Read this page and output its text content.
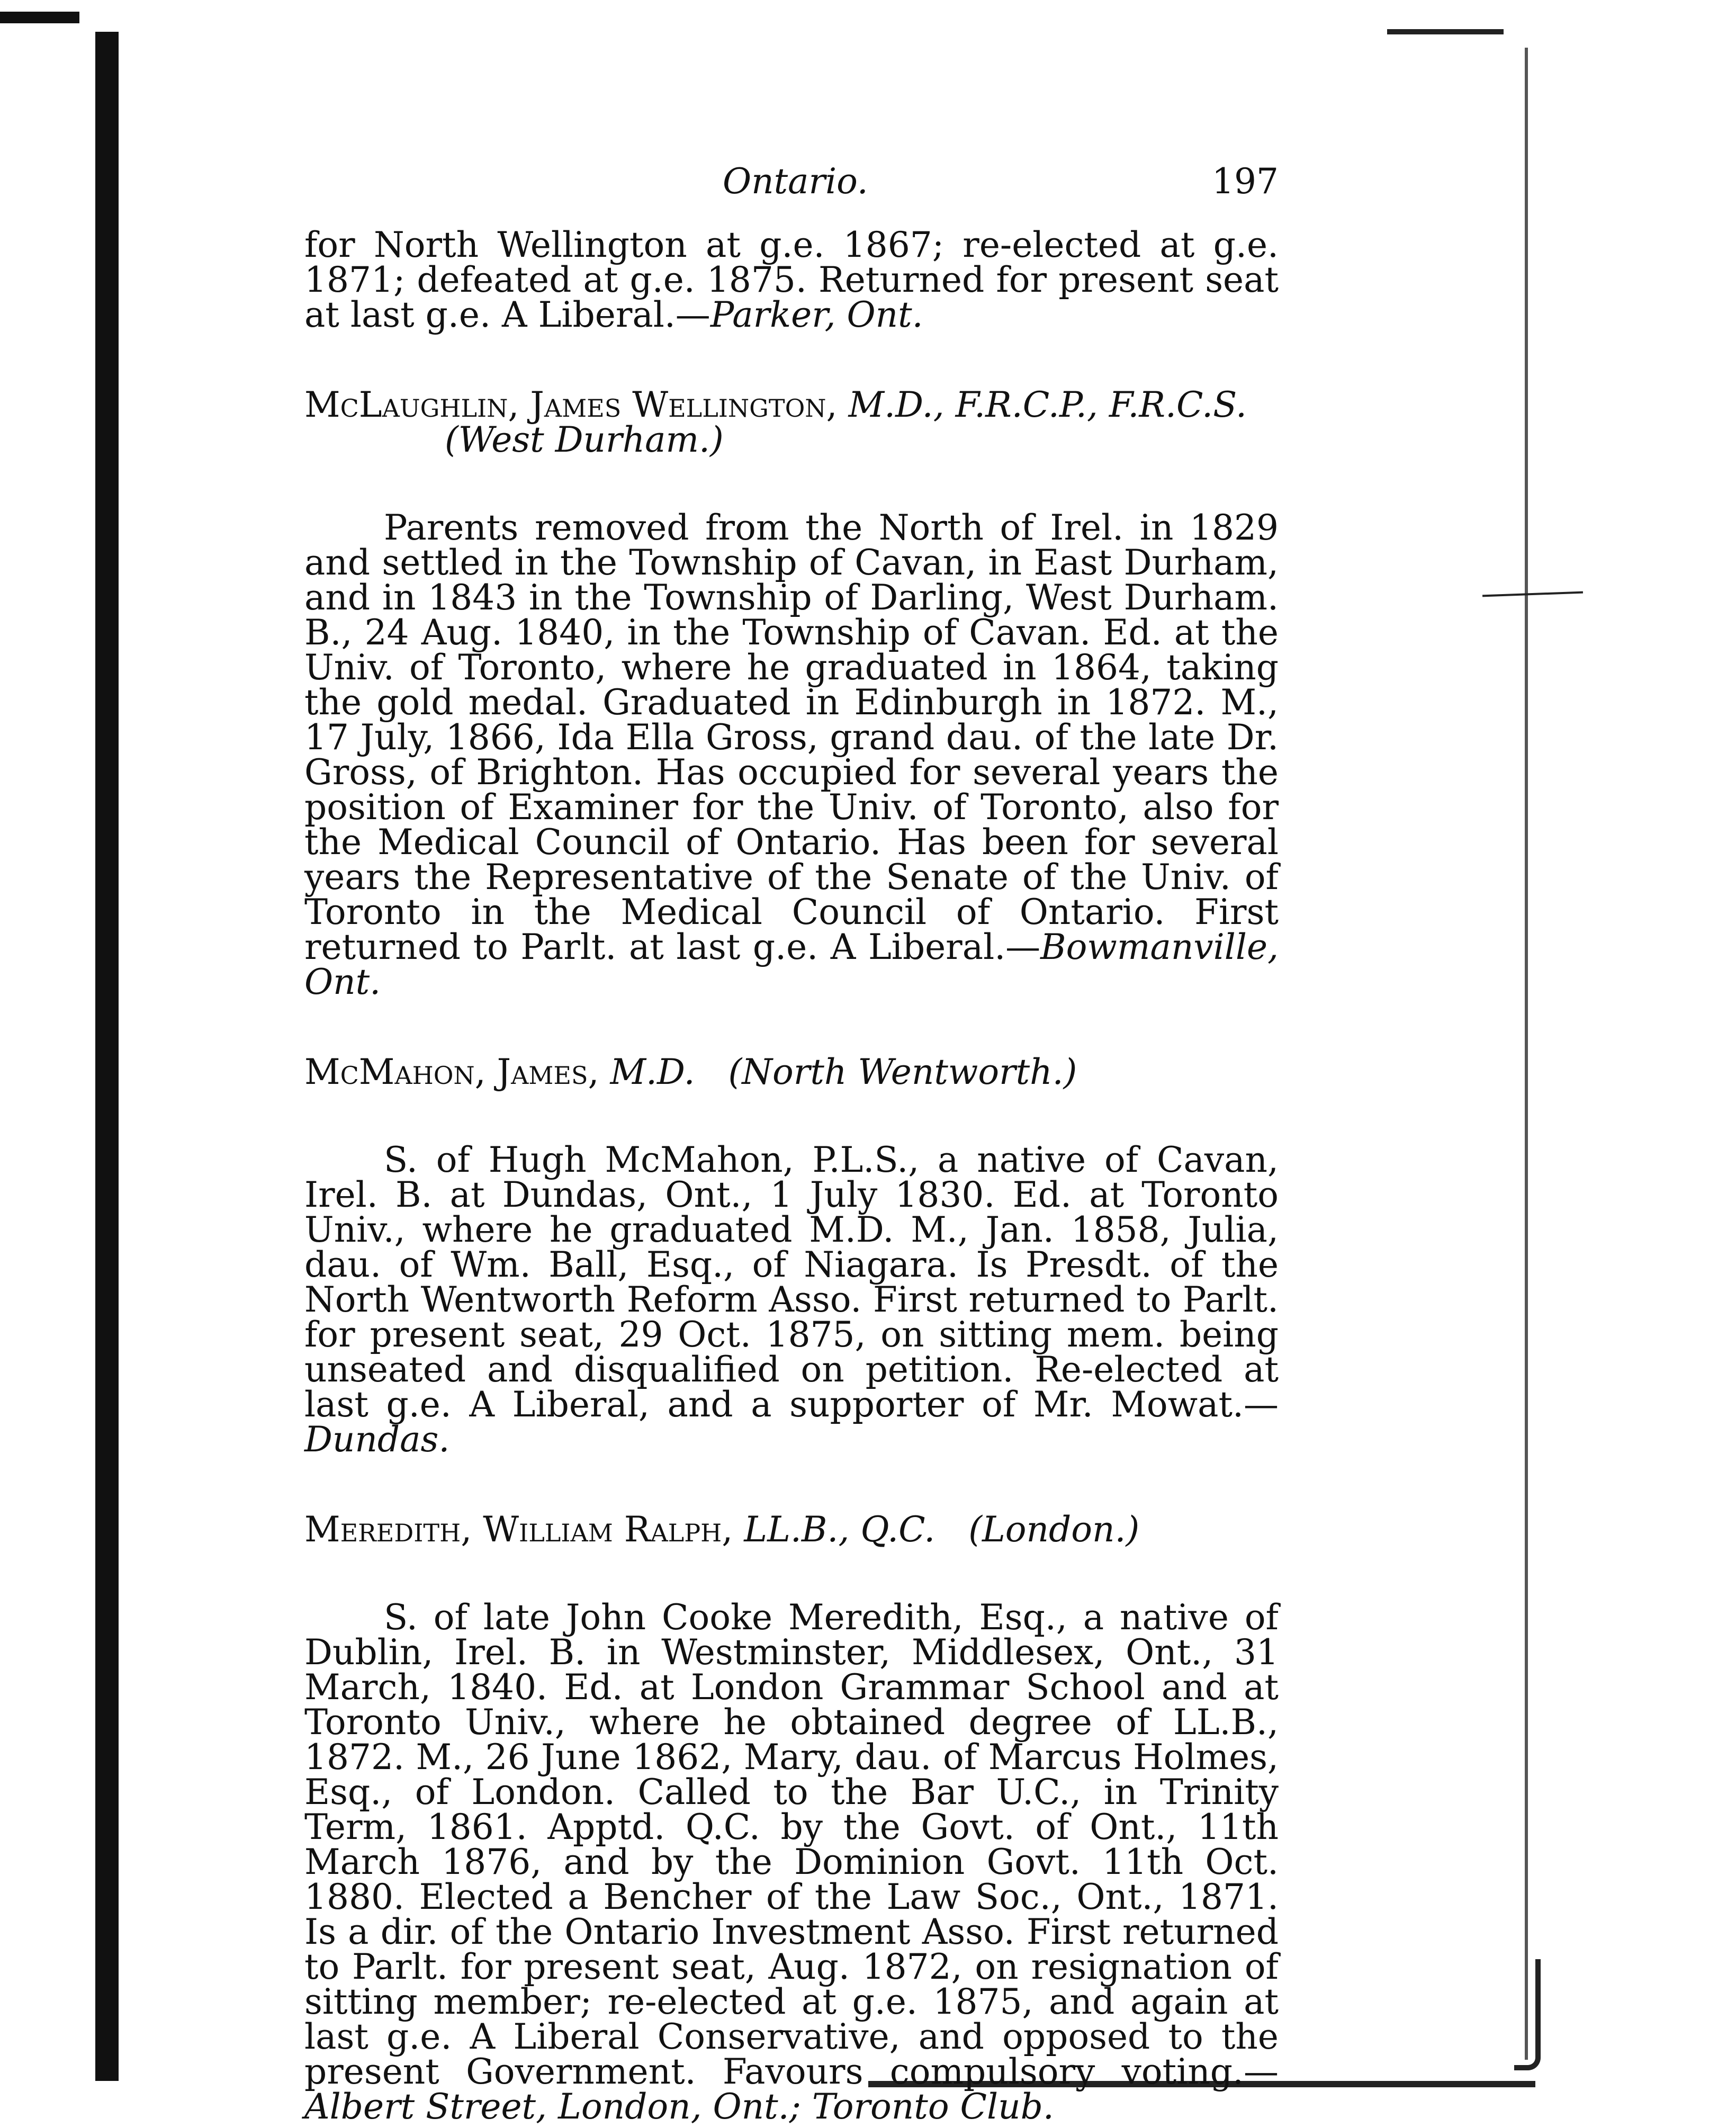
Ontario.	197

for North Wellington at g.e. 1867; re-elected at g.e. 1871; defeated at g.e. 1875. Returned for present seat at last g.e. A Liberal.—Parker, Ont.

McLaughlin, James Wellington, M.D., F.R.C.P., F.R.C.S.
(West Durham.)

Parents removed from the North of Irel. in 1829 and settled in the Township of Cavan, in East Durham, and in 1843 in the Township of Darling, West Durham. B., 24 Aug. 1840, in the Township of Cavan. Ed. at the Univ. of Toronto, where he graduated in 1864, taking the gold medal. Graduated in Edinburgh in 1872. M., 17 July, 1866, Ida Ella Gross, grand dau. of the late Dr. Gross, of Brighton. Has occupied for several years the position of Examiner for the Univ. of Toronto, also for the Medical Council of Ontario. Has been for several years the Representative of the Senate of the Univ. of Toronto in the Medical Council of Ontario. First returned to Parlt. at last g.e. A Liberal.—Bowmanville, Ont.

McMahon, James, M.D. (North Wentworth.)

S. of Hugh McMahon, P.L.S., a native of Cavan, Irel. B. at Dundas, Ont., 1 July 1830. Ed. at Toronto Univ., where he graduated M.D. M., Jan. 1858, Julia, dau. of Wm. Ball, Esq., of Niagara. Is Presdt. of the North Wentworth Reform Asso. First returned to Parlt. for present seat, 29 Oct. 1875, on sitting mem. being unseated and disqualified on petition. Re-elected at last g.e. A Liberal, and a supporter of Mr. Mowat.—Dundas.

Meredith, William Ralph, LL.B., Q.C. (London.)

S. of late John Cooke Meredith, Esq., a native of Dublin, Irel. B. in Westminster, Middlesex, Ont., 31 March, 1840. Ed. at London Grammar School and at Toronto Univ., where he obtained degree of LL.B., 1872. M., 26 June 1862, Mary, dau. of Marcus Holmes, Esq., of London. Called to the Bar U.C., in Trinity Term, 1861. Apptd. Q.C. by the Govt. of Ont., 11th March 1876, and by the Dominion Govt. 11th Oct. 1880. Elected a Bencher of the Law Soc., Ont., 1871. Is a dir. of the Ontario Investment Asso. First returned to Parlt. for present seat, Aug. 1872, on resignation of sitting member; re-elected at g.e. 1875, and again at last g.e. A Liberal Conservative, and opposed to the present Government. Favours compulsory voting.—Albert Street, London, Ont.; Toronto Club.
